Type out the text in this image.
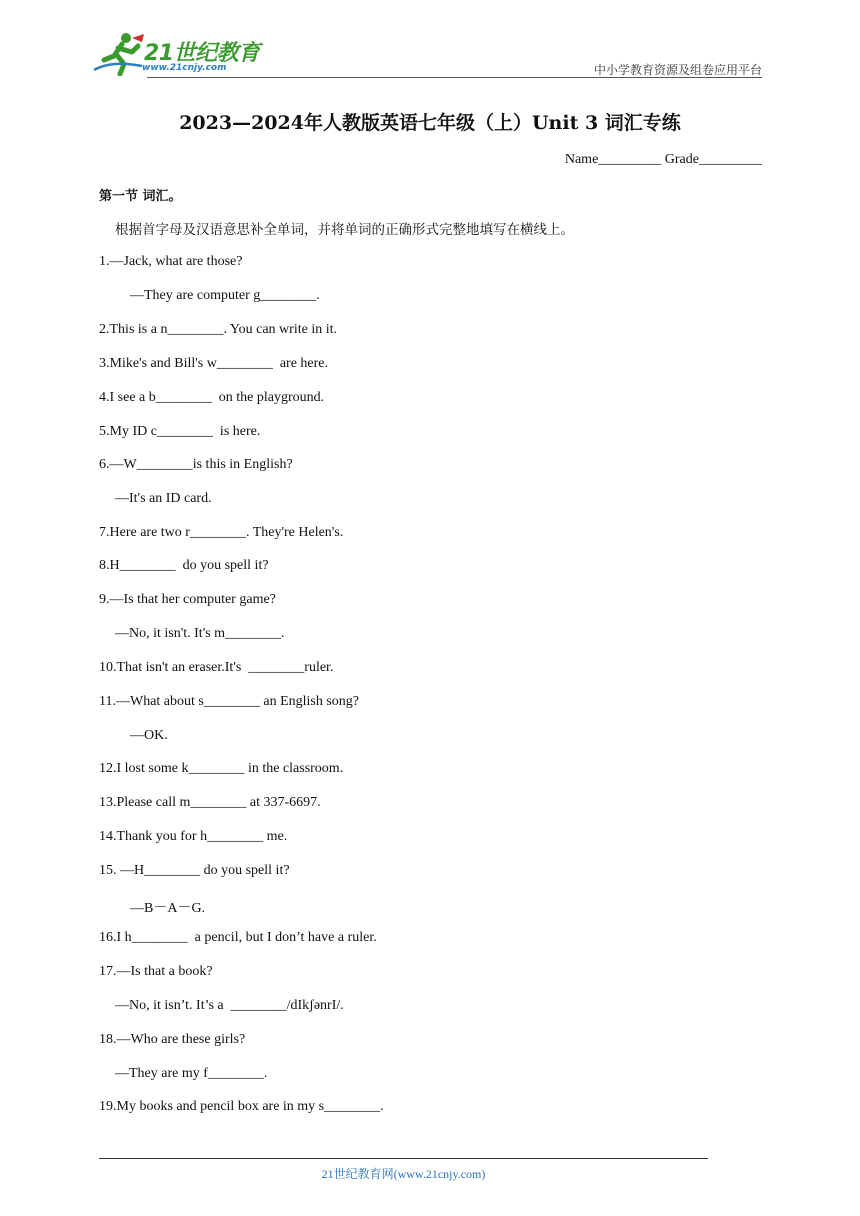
21世纪教育
www.21cnjy.com	中小学教育资源及组卷应用平台
2023—2024年人教版英语七年级（上）Unit 3 词汇专练
Name_________ Grade_________
第一节 词汇。
根据首字母及汉语意思补全单词，并将单词的正确形式完整地填写在横线上。
1.—Jack, what are those?
—They are computer g________.
2.This is a n________. You can write in it.
3.Mike's and Bill's w________  are here.
4.I see a b________  on the playground.
5.My ID c________  is here.
6.—W________is this in English?
—It's an ID card.
7.Here are two r________. They're Helen's.
8.H________  do you spell it?
9.—Is that her computer game?
—No, it isn't. It's m________.
10.That isn't an eraser.It's  ________ruler.
11.—What about s________ an English song?
—OK.
12.I lost some k________ in the classroom.
13.Please call m________ at 337-6697.
14.Thank you for h________ me.
15. —H________ do you spell it?
—B－A－G.
16.I h________  a pencil, but I don’t have a ruler.
17.—Is that a book?
—No, it isn’t. It’s a  ________/dIkʃənrI/.
18.—Who are these girls?
—They are my f________.
19.My books and pencil box are in my s________.
21世纪教育网(www.21cnjy.com)
